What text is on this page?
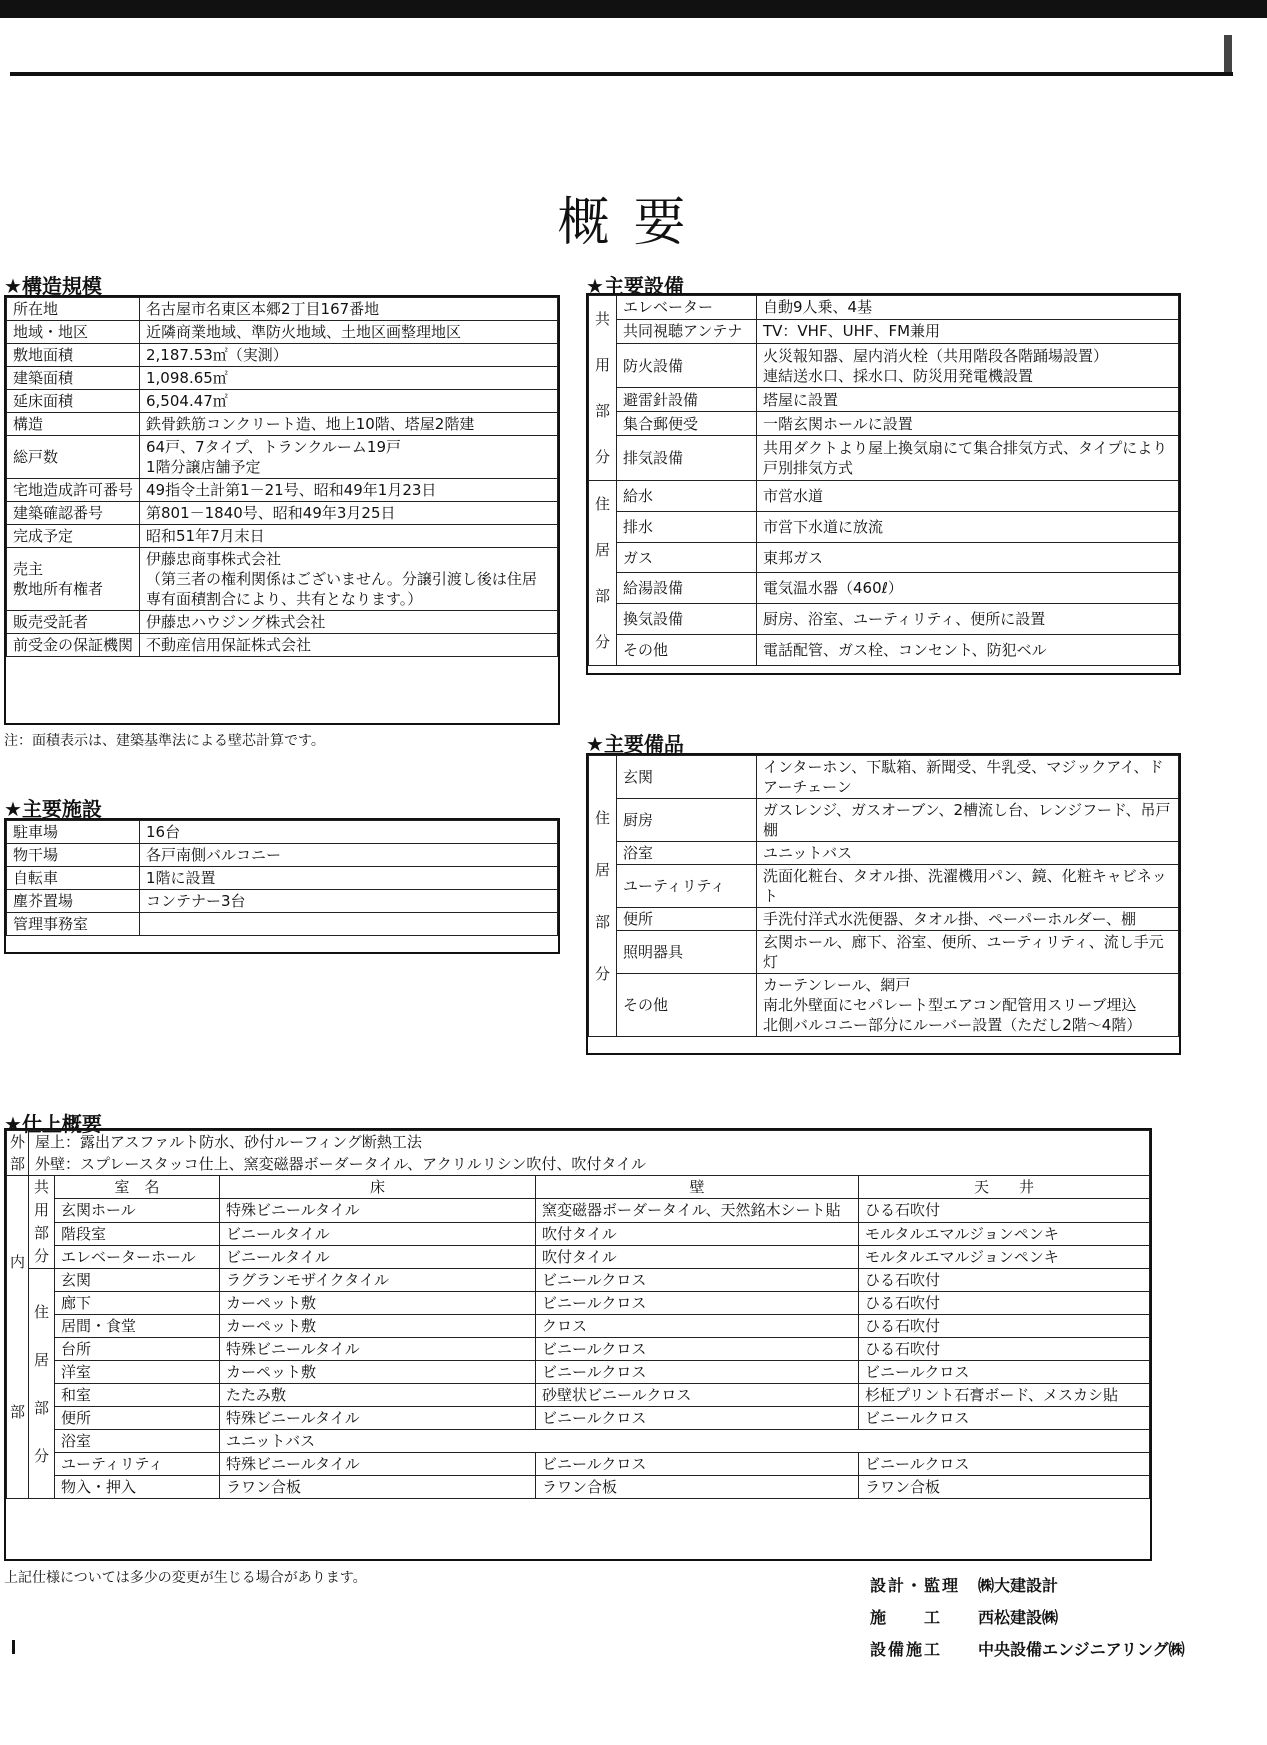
概要
★構造規模
所在地	名古屋市名東区本郷2丁目167番地
地域・地区	近隣商業地域、準防火地域、土地区画整理地区
敷地面積	2,187.53㎡（実測）
建築面積	1,098.65㎡
延床面積	6,504.47㎡
構造	鉄骨鉄筋コンクリート造、地上10階、塔屋2階建
総戸数	64戸、7タイプ、トランクルーム19戸
1階分譲店舗予定
宅地造成許可番号	49指令土計第1－21号、昭和49年1月23日
建築確認番号	第801－1840号、昭和49年3月25日
完成予定	昭和51年7月末日
売主
敷地所有権者	伊藤忠商事株式会社
（第三者の権利関係はございません。分譲引渡し後は住居専有面積割合により、共有となります。）
販売受託者	伊藤忠ハウジング株式会社
前受金の保証機関	不動産信用保証株式会社
注：面積表示は、建築基準法による壁芯計算です。
★主要施設
駐車場	16台
物干場	各戸南側バルコニー
自転車	1階に設置
塵芥置場	コンテナー3台
管理事務室	
★主要設備
共
用
部
分	エレベーター	自動9人乗、4基
	共同視聴アンテナ	TV：VHF、UHF、FM兼用
	防火設備	火災報知器、屋内消火栓（共用階段各階踊場設置）
連結送水口、採水口、防災用発電機設置
	避雷針設備	塔屋に設置
	集合郵便受	一階玄関ホールに設置
	排気設備	共用ダクトより屋上換気扇にて集合排気方式、タイプにより戸別排気方式
住
居
部
分	給水	市営水道
	排水	市営下水道に放流
	ガス	東邦ガス
	給湯設備	電気温水器（460ℓ）
	換気設備	厨房、浴室、ユーティリティ、便所に設置
	その他	電話配管、ガス栓、コンセント、防犯ベル
★主要備品
住
居
部
分	玄関	インターホン、下駄箱、新聞受、牛乳受、マジックアイ、ドアーチェーン
	厨房	ガスレンジ、ガスオーブン、2槽流し台、レンジフード、吊戸棚
	浴室	ユニットバス
	ユーティリティ	洗面化粧台、タオル掛、洗濯機用パン、鏡、化粧キャビネット
	便所	手洗付洋式水洗便器、タオル掛、ペーパーホルダー、棚
	照明器具	玄関ホール、廊下、浴室、便所、ユーティリティ、流し手元灯
	その他	カーテンレール、網戸
南北外壁面にセパレート型エアコン配管用スリーブ埋込
北側バルコニー部分にルーバー設置（ただし2階～4階）
★仕上概要
外
部	屋上：露出アスファルト防水、砂付ルーフィング断熱工法				
	外壁：スプレースタッコ仕上、窯変磁器ボーダータイル、アクリルリシン吹付、吹付タイル				
内
部	共
用
部
分	室　名	床	壁	天　　井
		玄関ホール	特殊ビニールタイル	窯変磁器ボーダータイル、天然銘木シート貼	ひる石吹付
		階段室	ビニールタイル	吹付タイル	モルタルエマルジョンペンキ
		エレベーターホール	ビニールタイル	吹付タイル	モルタルエマルジョンペンキ
	住
居
部
分	玄関	ラグランモザイクタイル	ビニールクロス	ひる石吹付
		廊下	カーペット敷	ビニールクロス	ひる石吹付
		居間・食堂	カーペット敷	クロス	ひる石吹付
		台所	特殊ビニールタイル	ビニールクロス	ひる石吹付
		洋室	カーペット敷	ビニールクロス	ビニールクロス
		和室	たたみ敷	砂壁状ビニールクロス	杉柾プリント石膏ボード、メスカシ貼
		便所	特殊ビニールタイル	ビニールクロス	ビニールクロス
		浴室	ユニットバス		
		ユーティリティ	特殊ビニールタイル	ビニールクロス	ビニールクロス
		物入・押入	ラワン合板	ラワン合板	ラワン合板
上記仕様については多少の変更が生じる場合があります。	設計・監理 ㈱大建設計
施　　工 西松建設㈱
設備施工 中央設備エンジニアリング㈱
